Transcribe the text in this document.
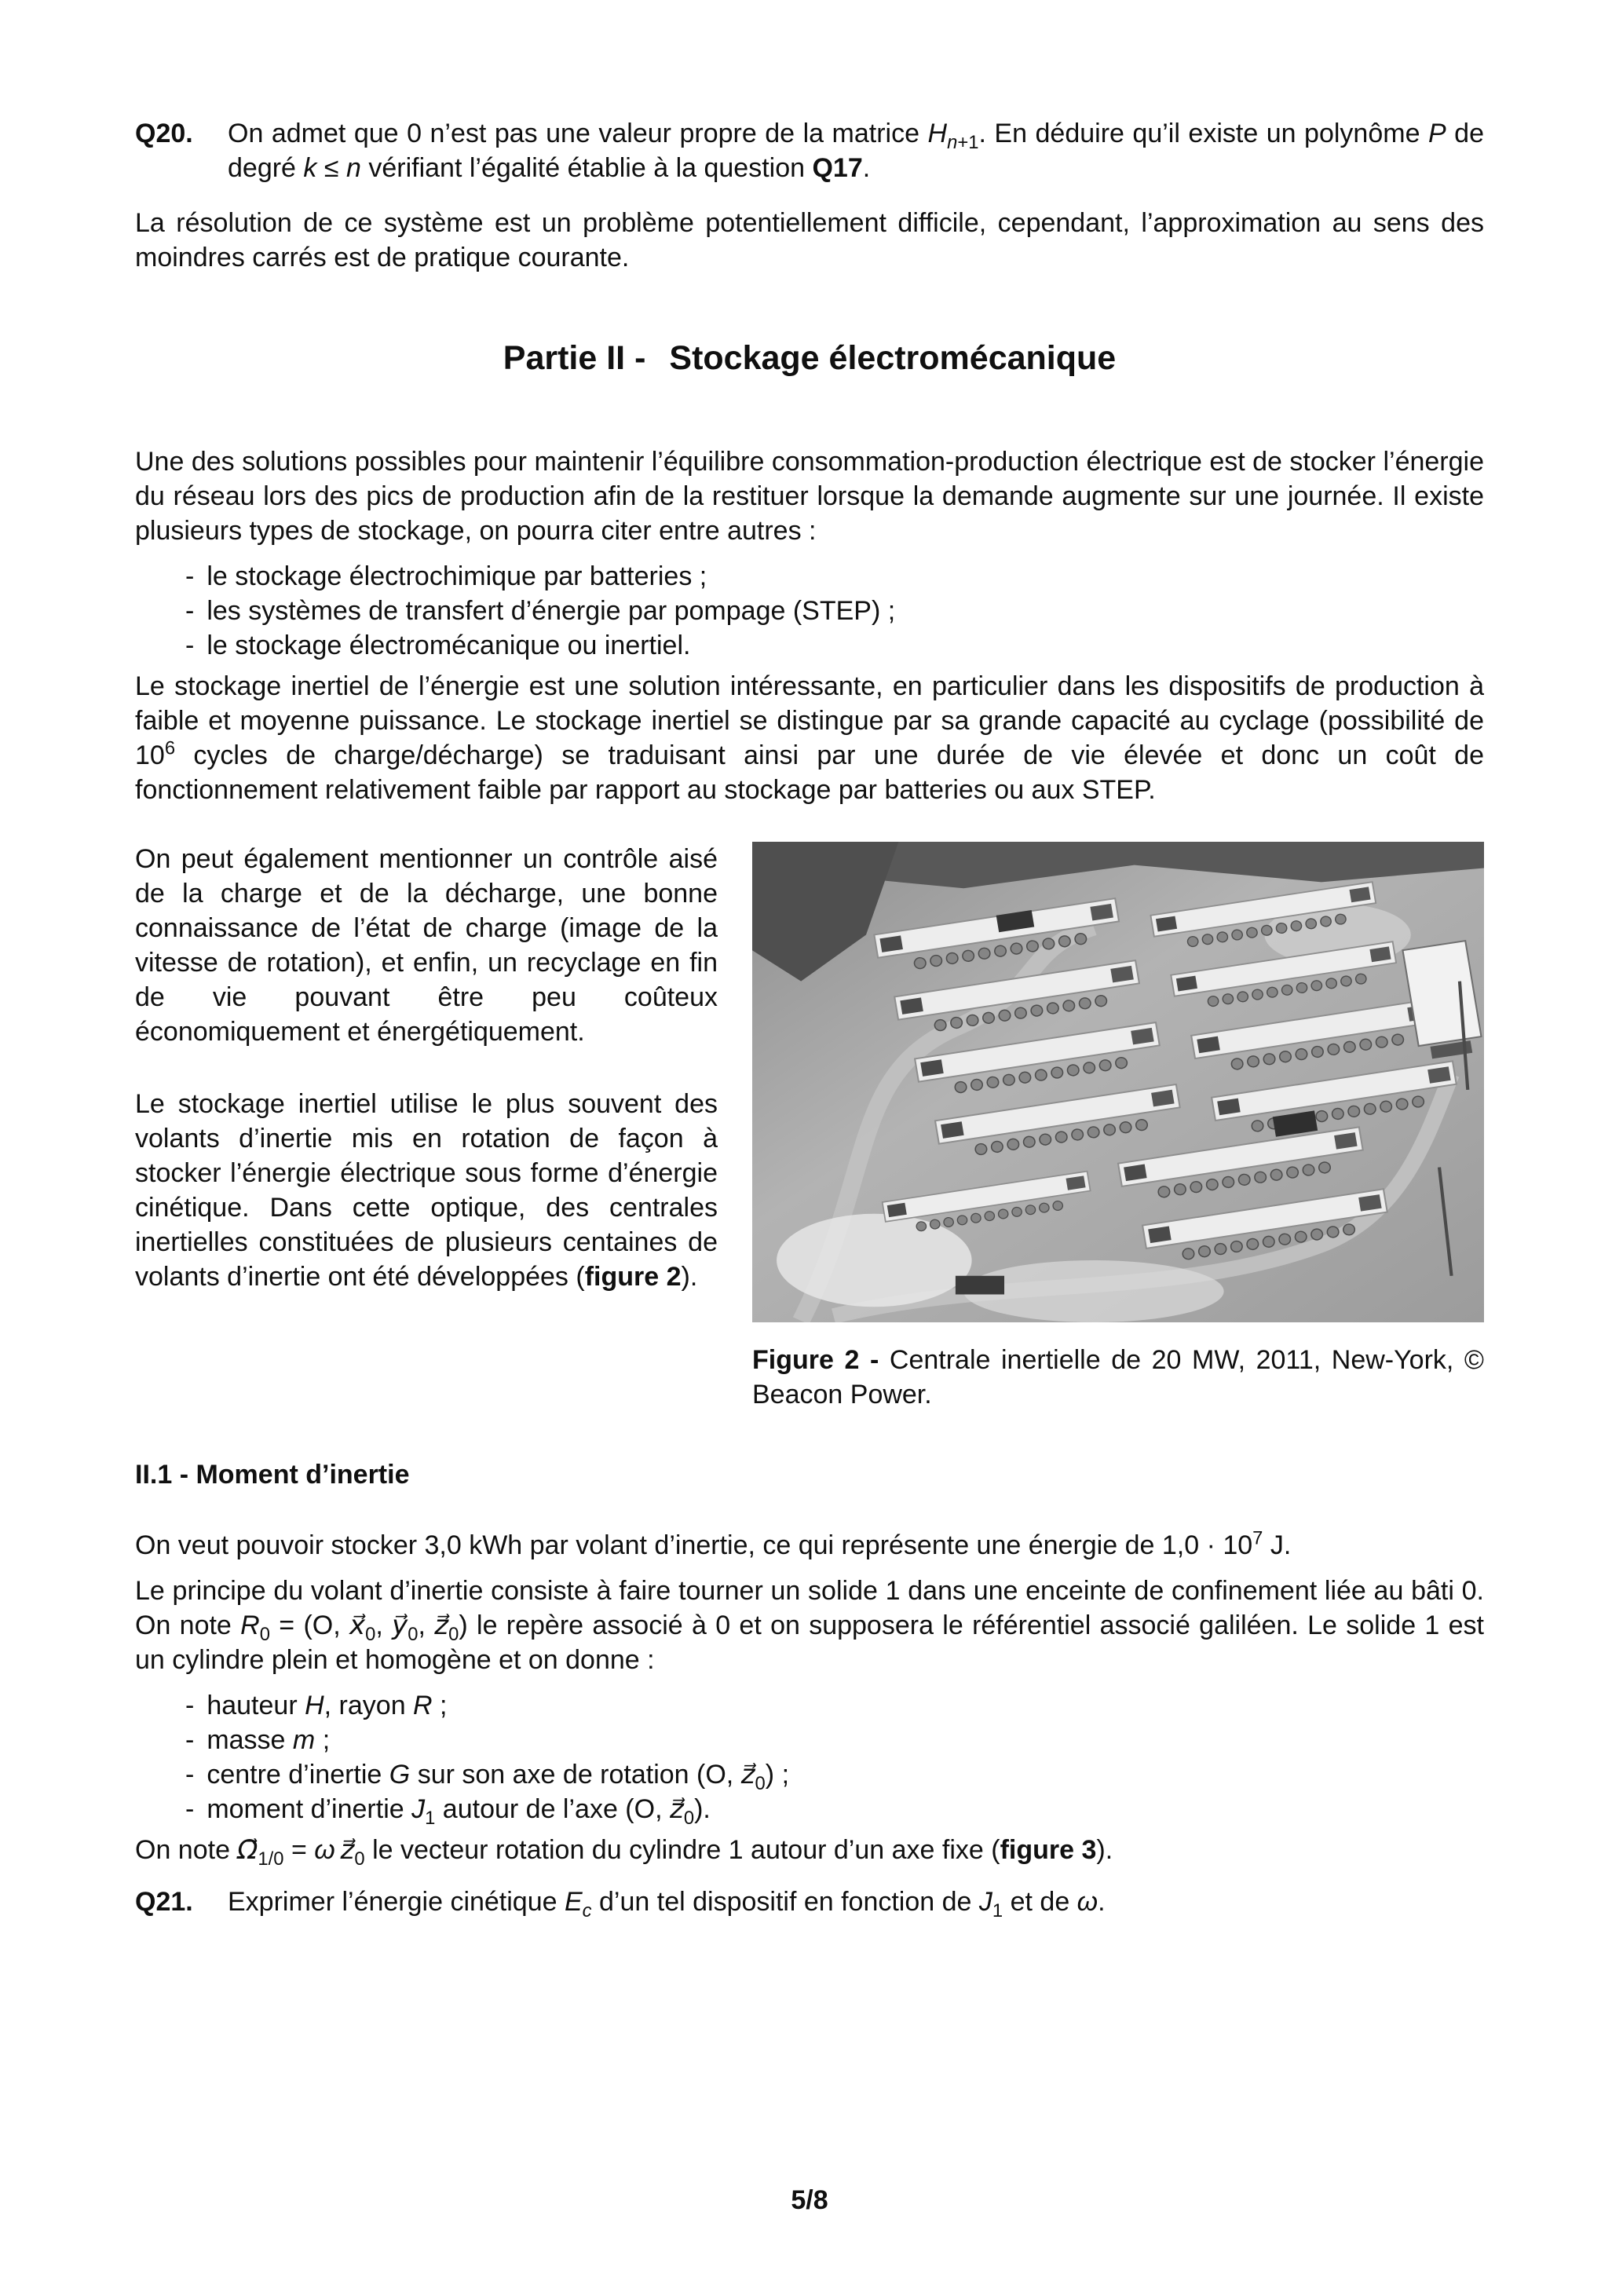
Q20.	On admet que 0 n’est pas une valeur propre de la matrice $H_{n+1}$. En déduire qu’il existe un polynôme P de degré k ≤ n vérifiant l’égalité établie à la question Q17.

La résolution de ce système est un problème potentiellement difficile, cependant, l’approximation au sens des moindres carrés est de pratique courante.

Partie II - Stockage électromécanique

Une des solutions possibles pour maintenir l’équilibre consommation-production électrique est de stocker l’énergie du réseau lors des pics de production afin de la restituer lorsque la demande augmente sur une journée. Il existe plusieurs types de stockage, on pourra citer entre autres :

- le stockage électrochimique par batteries ;
- les systèmes de transfert d’énergie par pompage (STEP) ;
- le stockage électromécanique ou inertiel.

Le stockage inertiel de l’énergie est une solution intéressante, en particulier dans les dispositifs de production à faible et moyenne puissance. Le stockage inertiel se distingue par sa grande capacité au cyclage (possibilité de $10^6$ cycles de charge/décharge) se traduisant ainsi par une durée de vie élevée et donc un coût de fonctionnement relativement faible par rapport au stockage par batteries ou aux STEP.

On peut également mentionner un contrôle aisé de la charge et de la décharge, une bonne connaissance de l’état de charge (image de la vitesse de rotation), et enfin, un recyclage en fin de vie pouvant être peu coûteux économiquement et énergétiquement.

Le stockage inertiel utilise le plus souvent des volants d’inertie mis en rotation de façon à stocker l’énergie électrique sous forme d’énergie cinétique. Dans cette optique, des centrales inertielles constituées de plusieurs centaines de volants d’inertie ont été développées (figure 2).

Figure 2 - Centrale inertielle de 20 MW, 2011, New-York, © Beacon Power.
II.1 - Moment d’inertie

On veut pouvoir stocker 3,0 kWh par volant d’inertie, ce qui représente une énergie de $1,0 \cdot 10^7$ J.

Le principe du volant d’inertie consiste à faire tourner un solide 1 dans une enceinte de confinement liée au bâti 0. On note $R_0 = (O$, $x⃗_0$, $y⃗_0$, $z⃗_0$) le repère associé à 0 et on supposera le référentiel associé galiléen. Le solide 1 est un cylindre plein et homogène et on donne :

- hauteur H, rayon R ;
- masse m ;
- centre d’inertie G sur son axe de rotation (O, $z⃗_0$) ;
- moment d’inertie $J_1$ autour de l’axe (O, $z⃗_0$).

On note $\Omega⃗_{1/0} = \omega$  $z⃗_0$ le vecteur rotation du cylindre 1 autour d’un axe fixe (figure 3).

Q21.	Exprimer l’énergie cinétique $E_c$ d’un tel dispositif en fonction de $J_1$ et de ω.
5/8
